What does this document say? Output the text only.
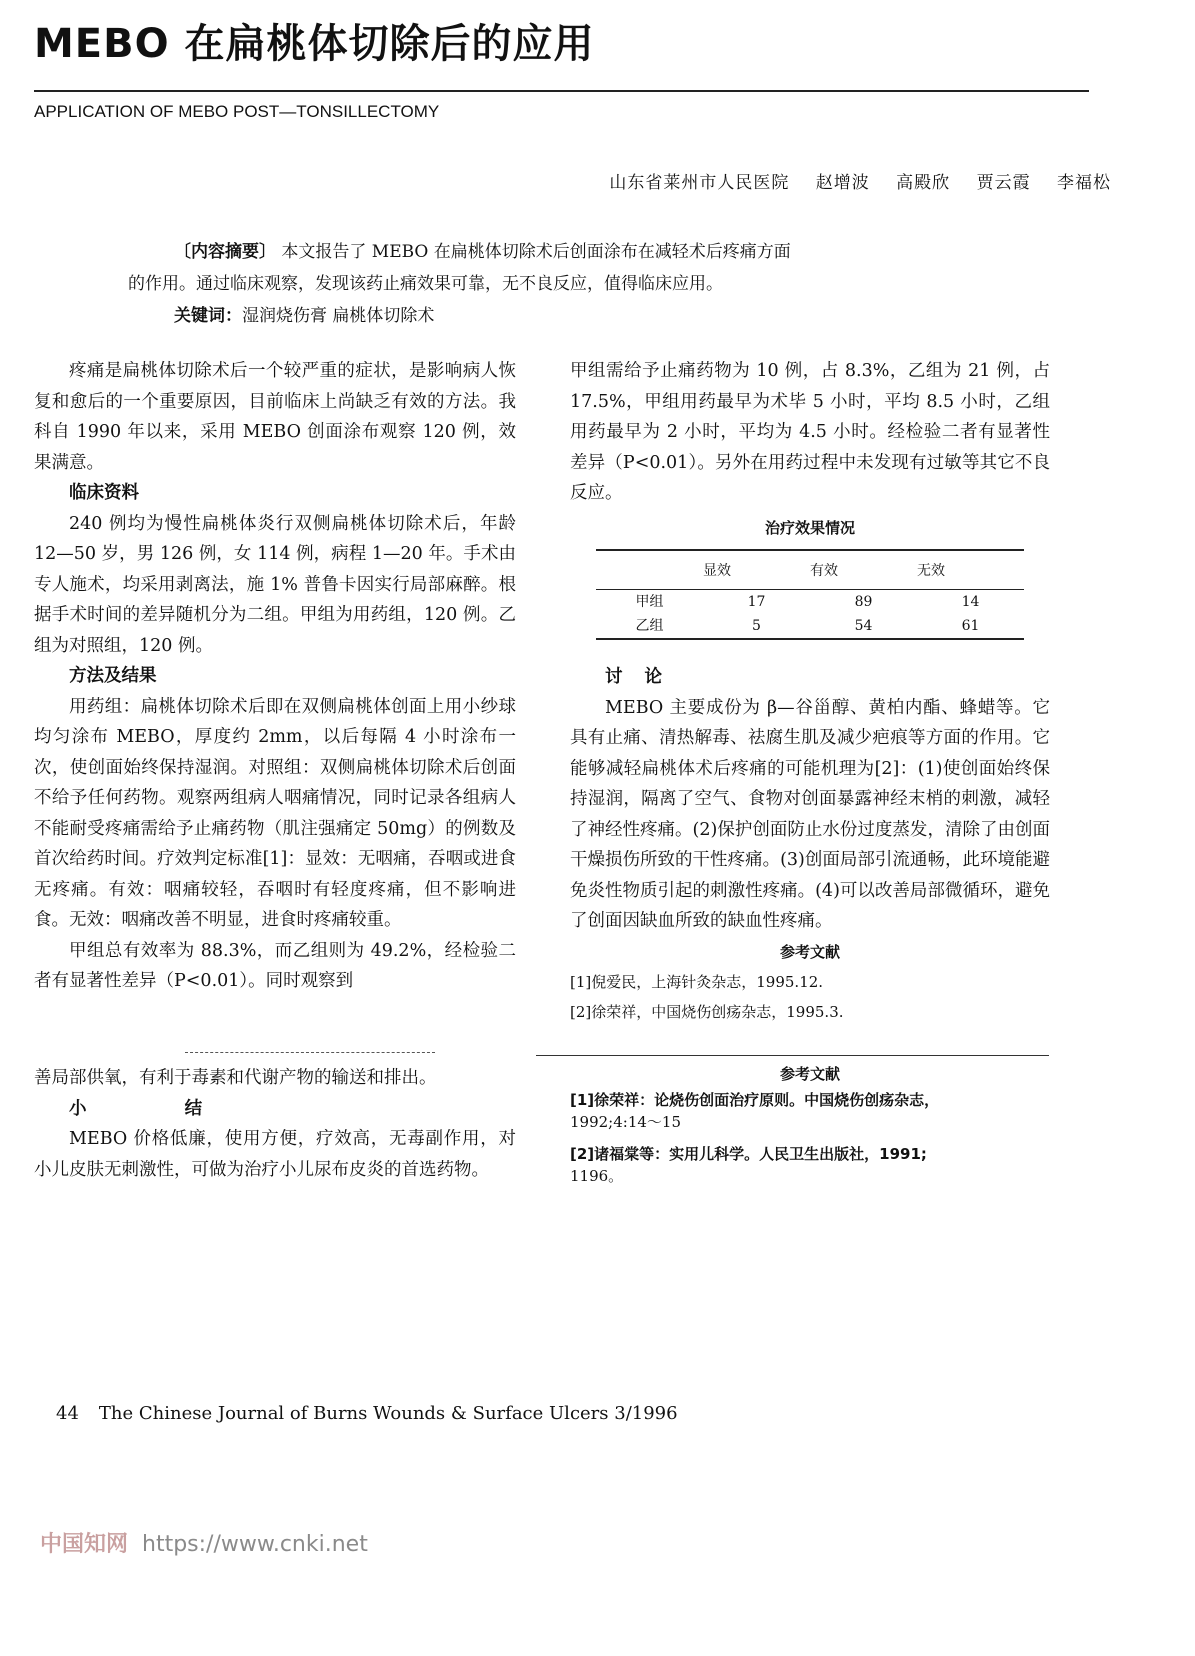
MEBO 在扁桃体切除后的应用
APPLICATION OF MEBO POST—TONSILLECTOMY
山东省莱州市人民医院 赵增波 高殿欣 贾云霞 李福松
〔内容摘要〕 本文报告了 MEBO 在扁桃体切除术后创面涂布在减轻术后疼痛方面
的作用。通过临床观察，发现该药止痛效果可靠，无不良反应，值得临床应用。
关键词：湿润烧伤膏 扁桃体切除术

疼痛是扁桃体切除术后一个较严重的症状，是影响病人恢复和愈后的一个重要原因，目前临床上尚缺乏有效的方法。我科自 1990 年以来，采用 MEBO 创面涂布观察 120 例，效果满意。

临床资料

240 例均为慢性扁桃体炎行双侧扁桃体切除术后，年龄 12—50 岁，男 126 例，女 114 例，病程 1—20 年。手术由专人施术，均采用剥离法，施 1% 普鲁卡因实行局部麻醉。根据手术时间的差异随机分为二组。甲组为用药组，120 例。乙组为对照组，120 例。

方法及结果

用药组：扁桃体切除术后即在双侧扁桃体创面上用小纱球均匀涂布 MEBO，厚度约 2mm，以后每隔 4 小时涂布一次，使创面始终保持湿润。对照组：双侧扁桃体切除术后创面不给予任何药物。观察两组病人咽痛情况，同时记录各组病人不能耐受疼痛需给予止痛药物（肌注强痛定 50mg）的例数及首次给药时间。疗效判定标准[1]：显效：无咽痛，吞咽或进食无疼痛。有效：咽痛较轻，吞咽时有轻度疼痛，但不影响进食。无效：咽痛改善不明显，进食时疼痛较重。

甲组总有效率为 88.3%，而乙组则为 49.2%，经检验二者有显著性差异（P<0.01）。同时观察到

甲组需给予止痛药物为 10 例，占 8.3%，乙组为 21 例，占 17.5%，甲组用药最早为术毕 5 小时，平均 8.5 小时，乙组用药最早为 2 小时，平均为 4.5 小时。经检验二者有显著性差异（P<0.01）。另外在用药过程中未发现有过敏等其它不良反应。

治疗效果情况
	显效	有效	无效
甲组	17	89	14
乙组	5	54	61
讨论

MEBO 主要成份为 β—谷甾醇、黄柏内酯、蜂蜡等。它具有止痛、清热解毒、祛腐生肌及减少疤痕等方面的作用。它能够减轻扁桃体术后疼痛的可能机理为[2]：(1)使创面始终保持湿润，隔离了空气、食物对创面暴露神经末梢的刺激，减轻了神经性疼痛。(2)保护创面防止水份过度蒸发，清除了由创面干燥损伤所致的干性疼痛。(3)创面局部引流通畅，此环境能避免炎性物质引起的刺激性疼痛。(4)可以改善局部微循环，避免了创面因缺血所致的缺血性疼痛。

参考文献
[1]倪爱民，上海针灸杂志，1995.12.
[2]徐荣祥，中国烧伤创疡杂志，1995.3.

善局部供氧，有利于毒素和代谢产物的输送和排出。

小 结

MEBO 价格低廉，使用方便，疗效高，无毒副作用，对小儿皮肤无刺激性，可做为治疗小儿尿布皮炎的首选药物。

参考文献
[1]徐荣祥：论烧伤创面治疗原则。中国烧伤创疡杂志，
1992;4:14～15
[2]诸福棠等：实用儿科学。人民卫生出版社，1991;
1196。
44 The Chinese Journal of Burns Wounds & Surface Ulcers 3/1996
中国知网 https://www.cnki.net
